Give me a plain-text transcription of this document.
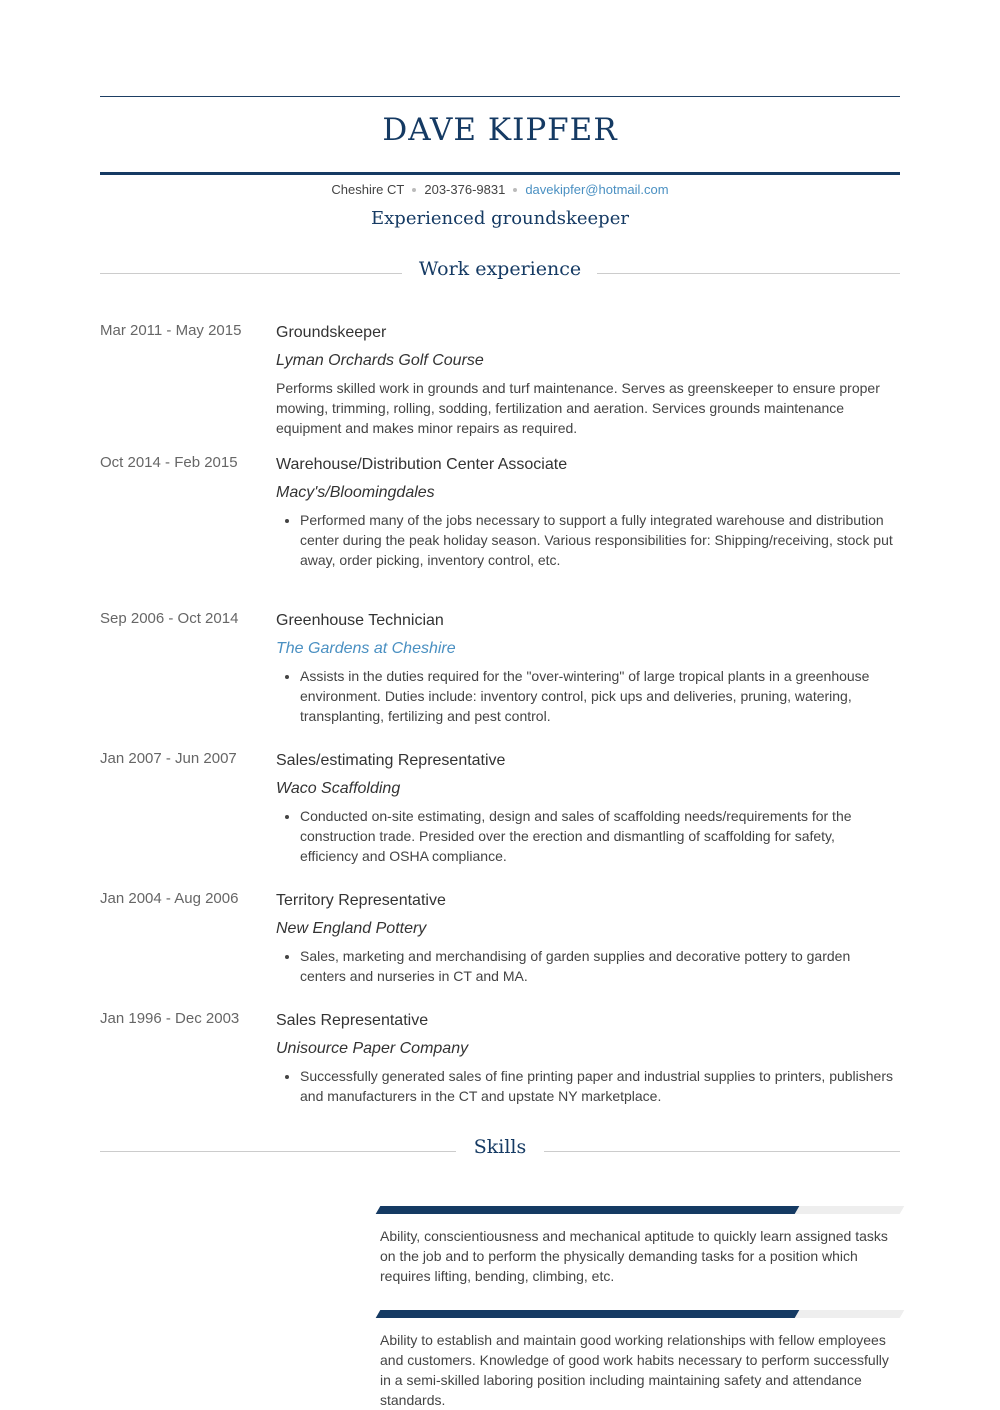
DAVE KIPFER
Cheshire CT 203-376-9831 davekipfer@hotmail.com
Experienced groundskeeper
Work experience
Mar 2011 - May 2015 Groundskeeper
Lyman Orchards Golf Course
Performs skilled work in grounds and turf maintenance. Serves as greenskeeper to ensure proper mowing, trimming, rolling, sodding, fertilization and aeration. Services grounds maintenance equipment and makes minor repairs as required.
Oct 2014 - Feb 2015 Warehouse/Distribution Center Associate
Macy's/Bloomingdales
• Performed many of the jobs necessary to support a fully integrated warehouse and distribution center during the peak holiday season. Various responsibilities for: Shipping/receiving, stock put away, order picking, inventory control, etc.
Sep 2006 - Oct 2014 Greenhouse Technician
The Gardens at Cheshire
• Assists in the duties required for the "over-wintering" of large tropical plants in a greenhouse environment. Duties include: inventory control, pick ups and deliveries, pruning, watering, transplanting, fertilizing and pest control.
Jan 2007 - Jun 2007 Sales/estimating Representative
Waco Scaffolding
• Conducted on-site estimating, design and sales of scaffolding needs/requirements for the construction trade. Presided over the erection and dismantling of scaffolding for safety, efficiency and OSHA compliance.
Jan 2004 - Aug 2006 Territory Representative
New England Pottery
• Sales, marketing and merchandising of garden supplies and decorative pottery to garden centers and nurseries in CT and MA.
Jan 1996 - Dec 2003 Sales Representative
Unisource Paper Company
• Successfully generated sales of fine printing paper and industrial supplies to printers, publishers and manufacturers in the CT and upstate NY marketplace.
Skills
Ability, conscientiousness and mechanical aptitude to quickly learn assigned tasks on the job and to perform the physically demanding tasks for a position which requires lifting, bending, climbing, etc.
Ability to establish and maintain good working relationships with fellow employees and customers. Knowledge of good work habits necessary to perform successfully in a semi-skilled laboring position including maintaining safety and attendance standards.
